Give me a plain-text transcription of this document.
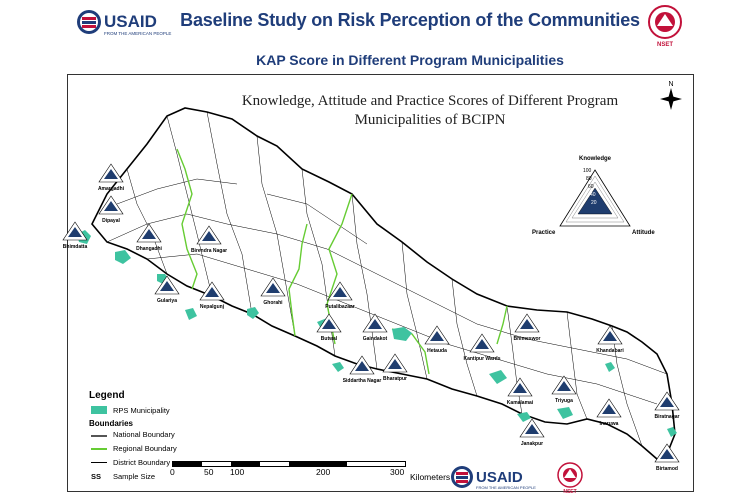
USAID
FROM THE AMERICAN PEOPLE
Baseline Study on Risk Perception of the Communities
NSET
KAP Score in Different Program Municipalities
Knowledge, Attitude and Practice Scores of Different Program
Municipalities of BCIPN
N
Knowledge
100
80
60
40
20
Practice	Attitude
Amargadhi
Dipayal
Bhimdatta	Dhangadhi	Birendra Nagar
Gulariya
Nepalgunj
Ghorahi
Putalibazaar
Gaindakot
Butwal
Siddartha Nagar Bharatpur
Hetauda
Kamalamai
Bhimeswor
Kantipur Wards
Janakpur
Triyuga
Khandabari
Inaruwa
Biratnagar
Birtamod
Legend
RPS Municipality
Boundaries
National Boundary
Regional Boundary
District Boundary
SS Sample Size 0	50 100	200	300 Kilometers USAID
FROM THE AMERICAN PEOPLE
NSET
